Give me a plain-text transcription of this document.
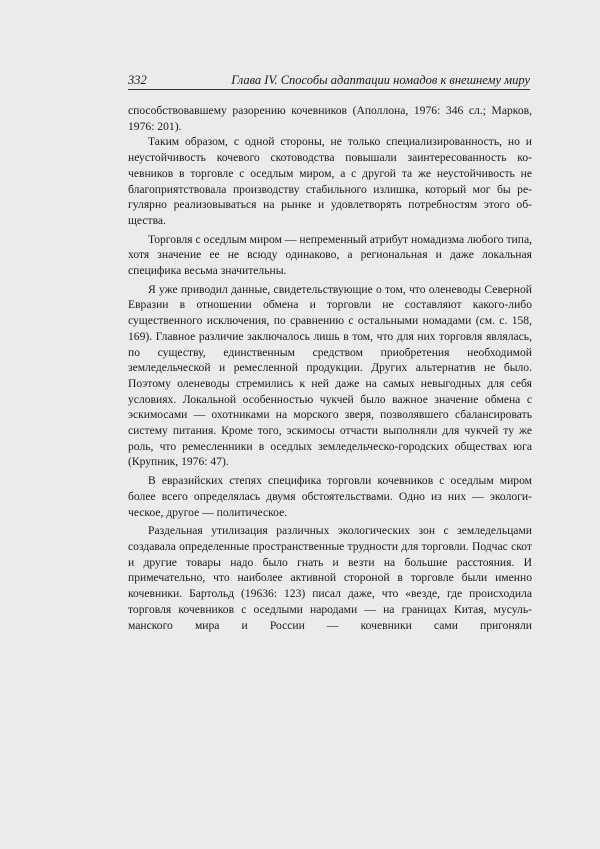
332	Глава IV. Способы адаптации номадов к внешнему миру

способствовавшему разорению кочевников (Аполлона, 1976: 346 сл.; Марков, 1976: 201).

Таким образом, с одной стороны, не только специализированность, но и неустойчивость кочевого скотоводства повышали заинтересованность кочевников в торговле с оседлым миром, а с другой та же неустойчивость не благоприятствовала производству стабильного излишка, который мог бы регулярно реализовываться на рынке и удовлетворять потребностям этого общества.

Торговля с оседлым миром — непременный атрибут номадизма любого типа, хотя значение ее не всюду одинаково, а региональная и даже локальная специфика весьма значительны.

Я уже приводил данные, свидетельствующие о том, что оленеводы Северной Евразии в отношении обмена и торговли не составляют какого-либо существенного исключения, по сравнению с остальными номадами (см. с. 158, 169). Главное различие заключалось лишь в том, что для них торговля являлась, по существу, единственным средством приобретения необходимой земледельческой и ремесленной продукции. Других альтернатив не было. Поэтому оленеводы стремились к ней даже на самых невыгодных для себя условиях. Локальной особенностью чукчей было важное значение обмена с эскимосами — охотниками на морского зверя, позволявшего сбалансировать систему питания. Кроме того, эскимосы отчасти выполняли для чукчей ту же роль, что ремесленники в оседлых земледельческо-городских обществах юга (Крупник, 1976: 47).

В евразийских степях специфика торговли кочевников с оседлым миром более всего определялась двумя обстоятельствами. Одно из них — экологическое, другое — политическое.

Раздельная утилизация различных экологических зон с земледельцами создавала определенные пространственные трудности для торговли. Подчас скот и другие товары надо было гнать и везти на большие расстояния. И примечательно, что наиболее активной стороной в торговле были именно кочевники. Бартольд (19636: 123) писал даже, что «везде, где происходила торговля кочевников с оседлыми народами — на границах Китая, мусульманского мира и России — кочевники сами пригоняли
